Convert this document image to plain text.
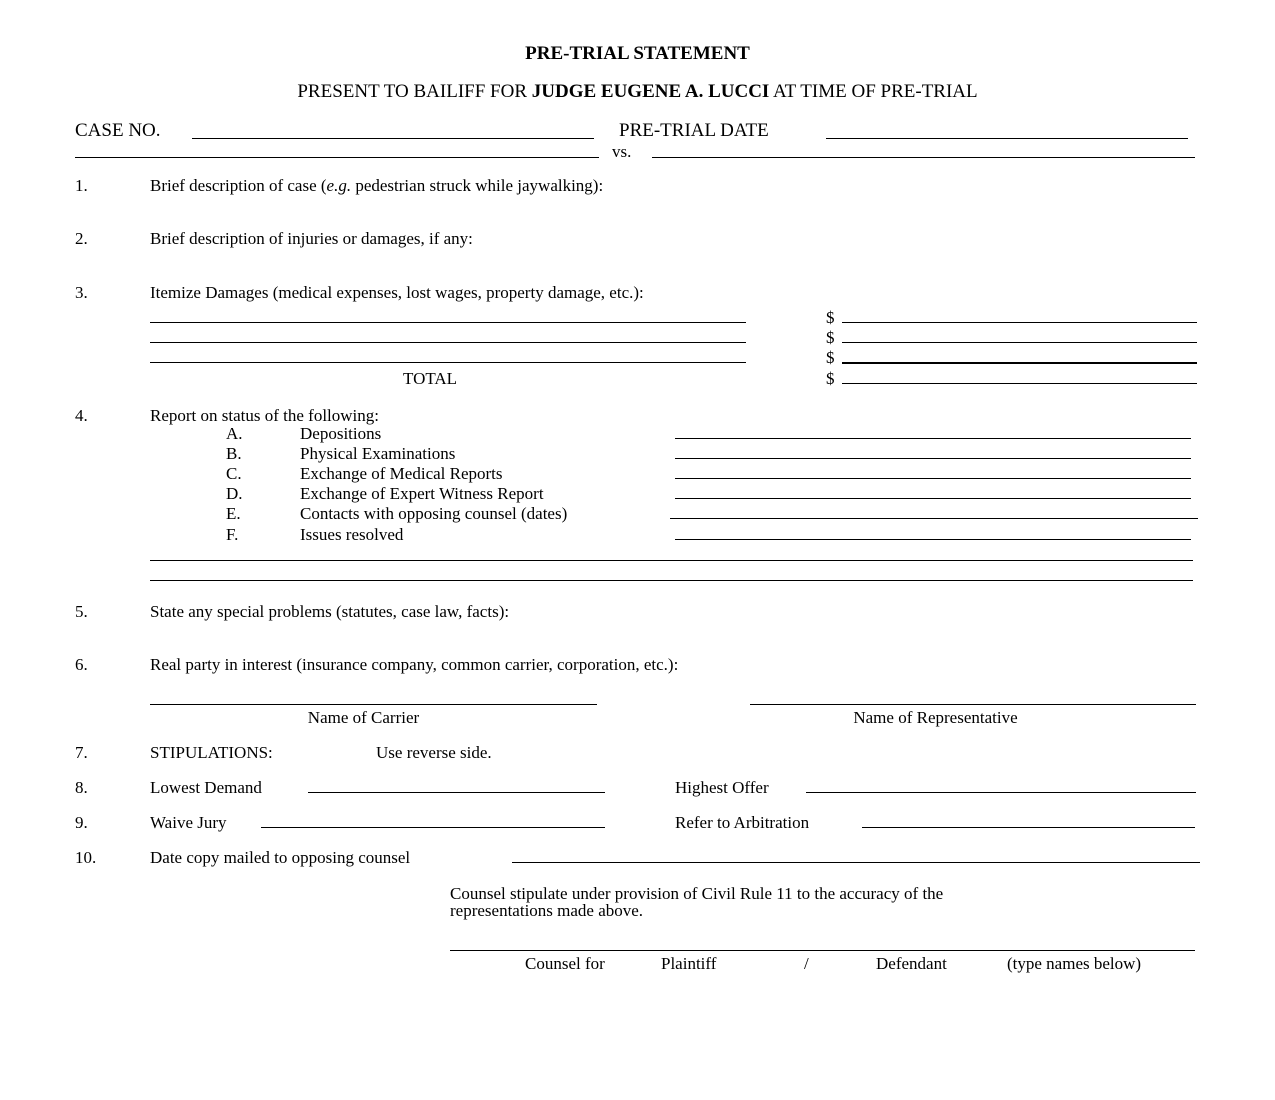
PRE-TRIAL STATEMENT
PRESENT TO BAILIFF FOR JUDGE EUGENE A. LUCCI AT TIME OF PRE-TRIAL
CASE NO.	PRE-TRIAL DATE
vs.
1.	Brief description of case (e.g. pedestrian struck while jaywalking):
2.	Brief description of injuries or damages, if any:
3.	Itemize Damages (medical expenses, lost wages, property damage, etc.):
$
$
$
TOTAL	$
4.	Report on status of the following:
A.	Depositions
B.	Physical Examinations
C.	Exchange of Medical Reports
D.	Exchange of Expert Witness Report
E.	Contacts with opposing counsel (dates)
F.	Issues resolved
5.	State any special problems (statutes, case law, facts):
6.	Real party in interest (insurance company, common carrier, corporation, etc.):
Name of Carrier	Name of Representative
7.	STIPULATIONS:	Use reverse side.
8.	Lowest Demand	Highest Offer
9.	Waive Jury	Refer to Arbitration
10.	Date copy mailed to opposing counsel
Counsel stipulate under provision of Civil Rule 11 to the accuracy of the
representations made above.
Counsel for	Plaintiff	/	Defendant	(type names below)
